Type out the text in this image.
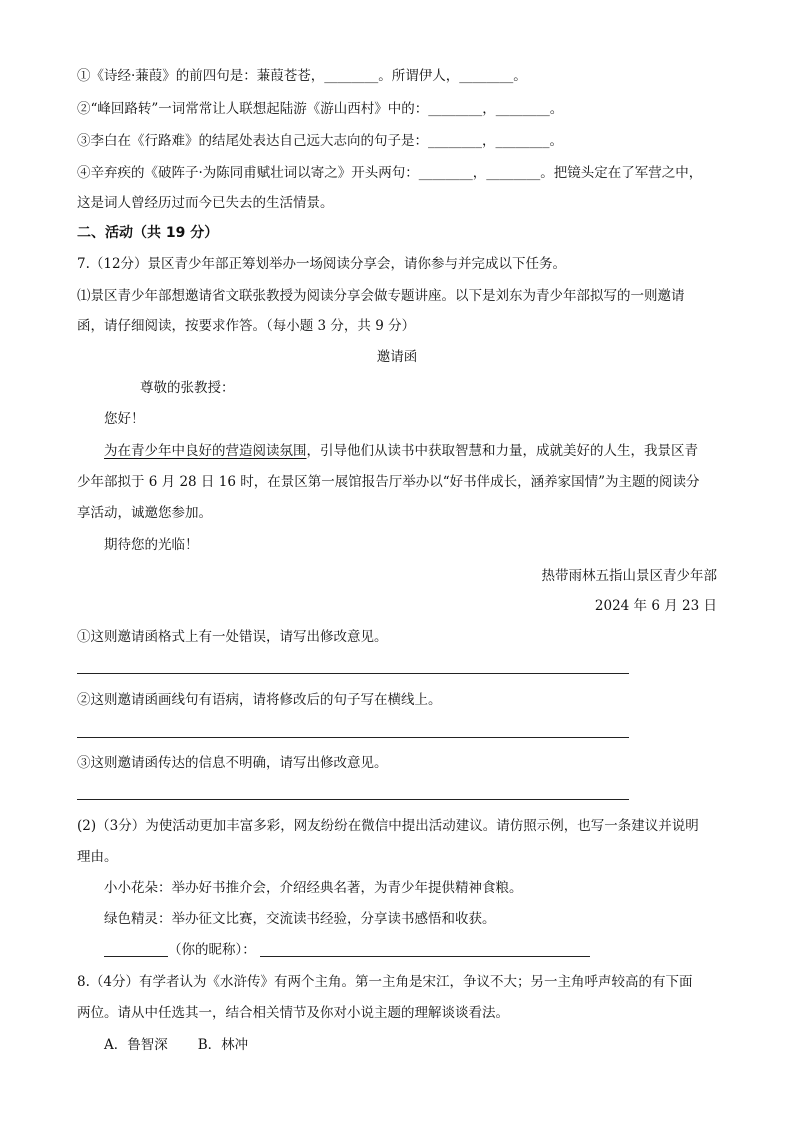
①《诗经·蒹葭》的前四句是：蒹葭苍苍，________。所谓伊人，________。
②“峰回路转”一词常常让人联想起陆游《游山西村》中的：________，________。
③李白在《行路难》的结尾处表达自己远大志向的句子是：________，________。
④辛弃疾的《破阵子·为陈同甫赋壮词以寄之》开头两句：________，________。把镜头定在了军营之中，
这是词人曾经历过而今已失去的生活情景。
二、活动（共 19 分）
7.（12分）景区青少年部正筹划举办一场阅读分享会，请你参与并完成以下任务。
⑴景区青少年部想邀请省文联张教授为阅读分享会做专题讲座。以下是刘东为青少年部拟写的一则邀请
函，请仔细阅读，按要求作答。（每小题 3 分，共 9 分）
邀请函
尊敬的张教授：
您好！
为在青少年中良好的营造阅读氛围，引导他们从读书中获取智慧和力量，成就美好的人生，我景区青
少年部拟于 6 月 28 日 16 时，在景区第一展馆报告厅举办以“好书伴成长，涵养家国情”为主题的阅读分
享活动，诚邀您参加。
期待您的光临！
热带雨林五指山景区青少年部
2024 年 6 月 23 日
①这则邀请函格式上有一处错误，请写出修改意见。
②这则邀请函画线句有语病，请将修改后的句子写在横线上。
③这则邀请函传达的信息不明确，请写出修改意见。
(2)（3分）为使活动更加丰富多彩，网友纷纷在微信中提出活动建议。请仿照示例，也写一条建议并说明
理由。
小小花朵：举办好书推介会，介绍经典名著，为青少年提供精神食粮。
绿色精灵：举办征文比赛，交流读书经验，分享读书感悟和收获。
（你的昵称）：
8.（4分）有学者认为《水浒传》有两个主角。第一主角是宋江，争议不大；另一主角呼声较高的有下面
两位。请从中任选其一，结合相关情节及你对小说主题的理解谈谈看法。
A．鲁智深 B．林冲
